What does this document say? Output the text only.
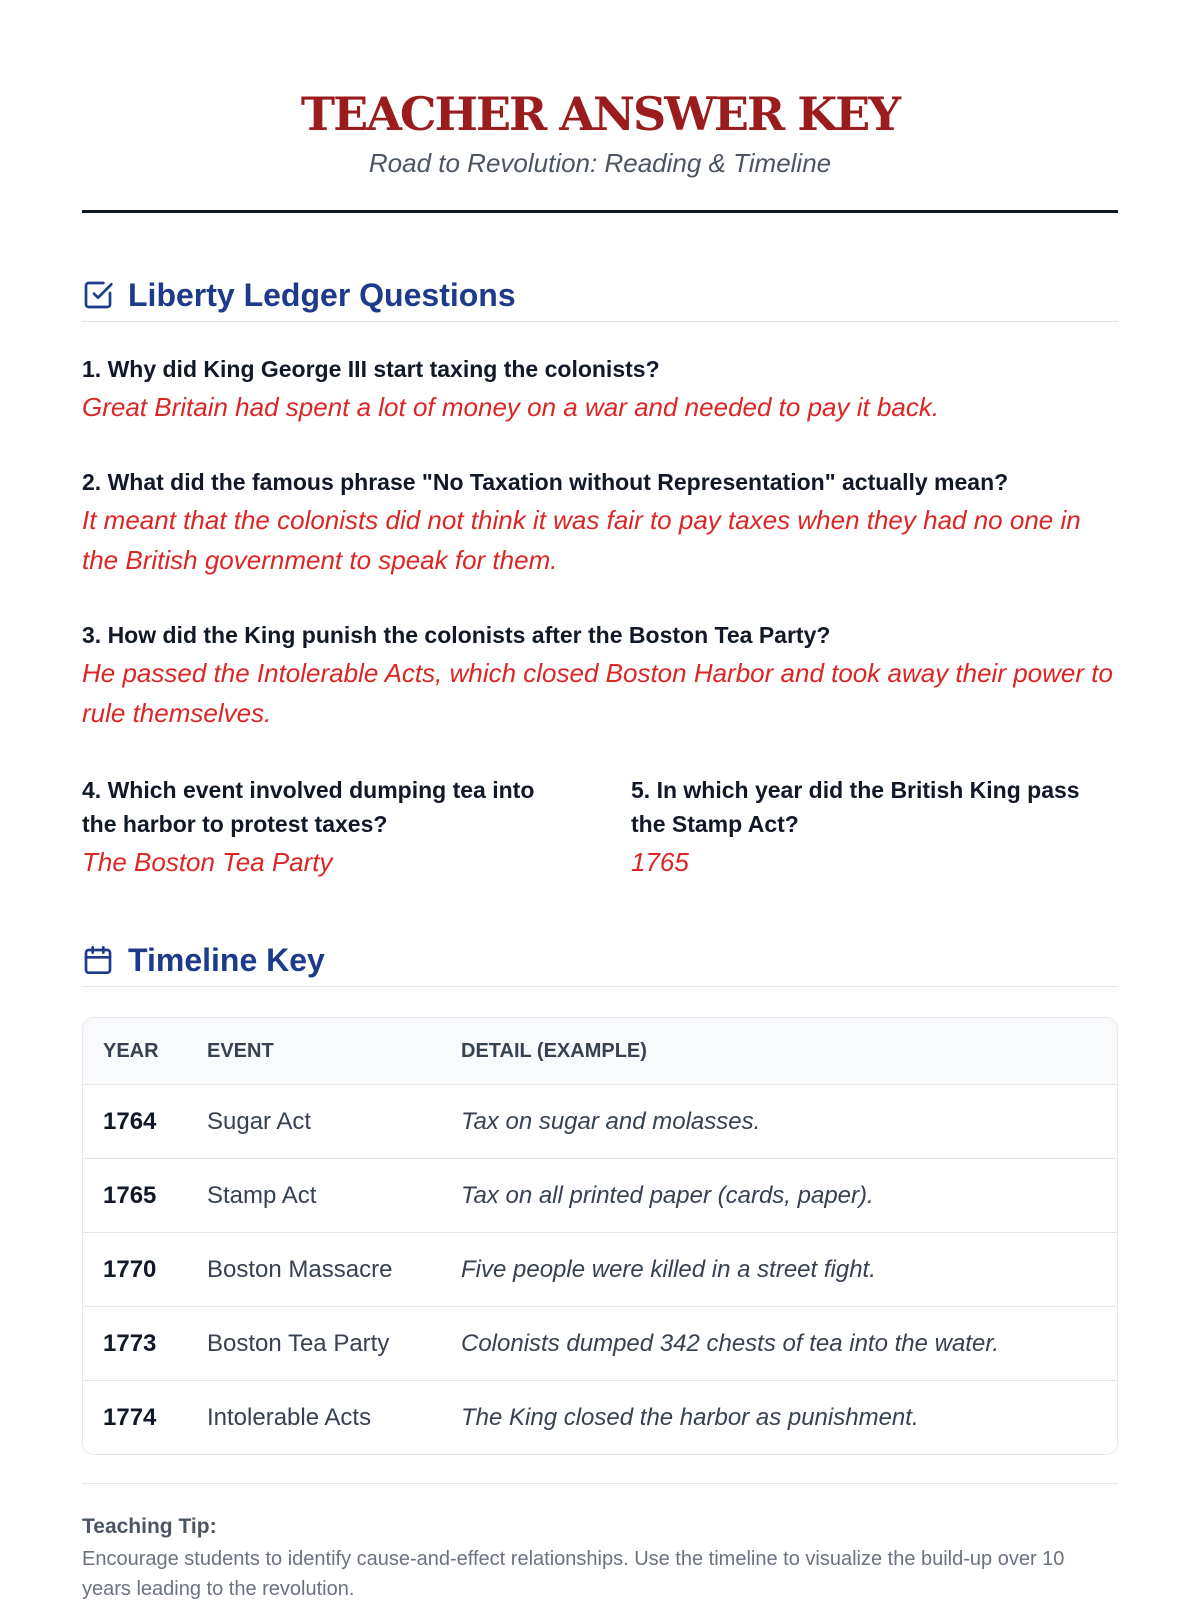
TEACHER ANSWER KEY
Road to Revolution: Reading & Timeline
Liberty Ledger Questions
1. Why did King George III start taxing the colonists?
Great Britain had spent a lot of money on a war and needed to pay it back.
2. What did the famous phrase "No Taxation without Representation" actually mean?
It meant that the colonists did not think it was fair to pay taxes when they had no one in the British government to speak for them.
3. How did the King punish the colonists after the Boston Tea Party?
He passed the Intolerable Acts, which closed Boston Harbor and took away their power to rule themselves.
4. Which event involved dumping tea into the harbor to protest taxes?
The Boston Tea Party
5. In which year did the British King pass the Stamp Act?
1765
Timeline Key
YEAR	EVENT	DETAIL (EXAMPLE)
1764	Sugar Act	Tax on sugar and molasses.
1765	Stamp Act	Tax on all printed paper (cards, paper).
1770	Boston Massacre	Five people were killed in a street fight.
1773	Boston Tea Party	Colonists dumped 342 chests of tea into the water.
1774	Intolerable Acts	The King closed the harbor as punishment.
Teaching Tip:
Encourage students to identify cause-and-effect relationships. Use the timeline to visualize the build-up over 10 years leading to the revolution.
